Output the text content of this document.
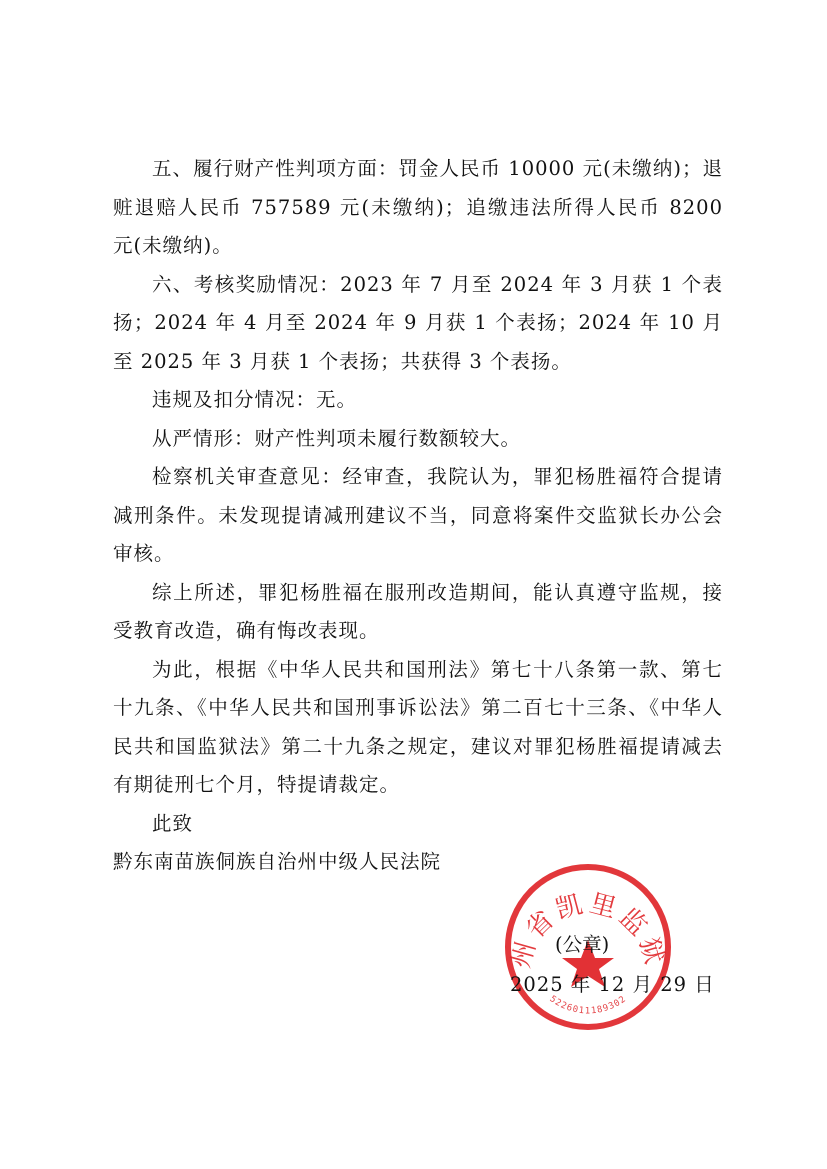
五、履行财产性判项方面：罚金人民币 10000 元(未缴纳)；退赃退赔人民币 757589 元(未缴纳)；追缴违法所得人民币 8200 元(未缴纳)。

六、考核奖励情况：2023 年 7 月至 2024 年 3 月获 1 个表扬；2024 年 4 月至 2024 年 9 月获 1 个表扬；2024 年 10 月至 2025 年 3 月获 1 个表扬；共获得 3 个表扬。

违规及扣分情况：无。

从严情形：财产性判项未履行数额较大。

检察机关审查意见：经审查，我院认为，罪犯杨胜福符合提请减刑条件。未发现提请减刑建议不当，同意将案件交监狱长办公会审核。

综上所述，罪犯杨胜福在服刑改造期间，能认真遵守监规，接受教育改造，确有悔改表现。

为此，根据《中华人民共和国刑法》第七十八条第一款、第七十九条、《中华人民共和国刑事诉讼法》第二百七十三条、《中华人民共和国监狱法》第二十九条之规定，建议对罪犯杨胜福提请减去有期徒刑七个月，特提请裁定。

此致

黔东南苗族侗族自治州中级人民法院

州省凯里监狱
5226011189302
(公章)
2025 年 12 月 29 日
